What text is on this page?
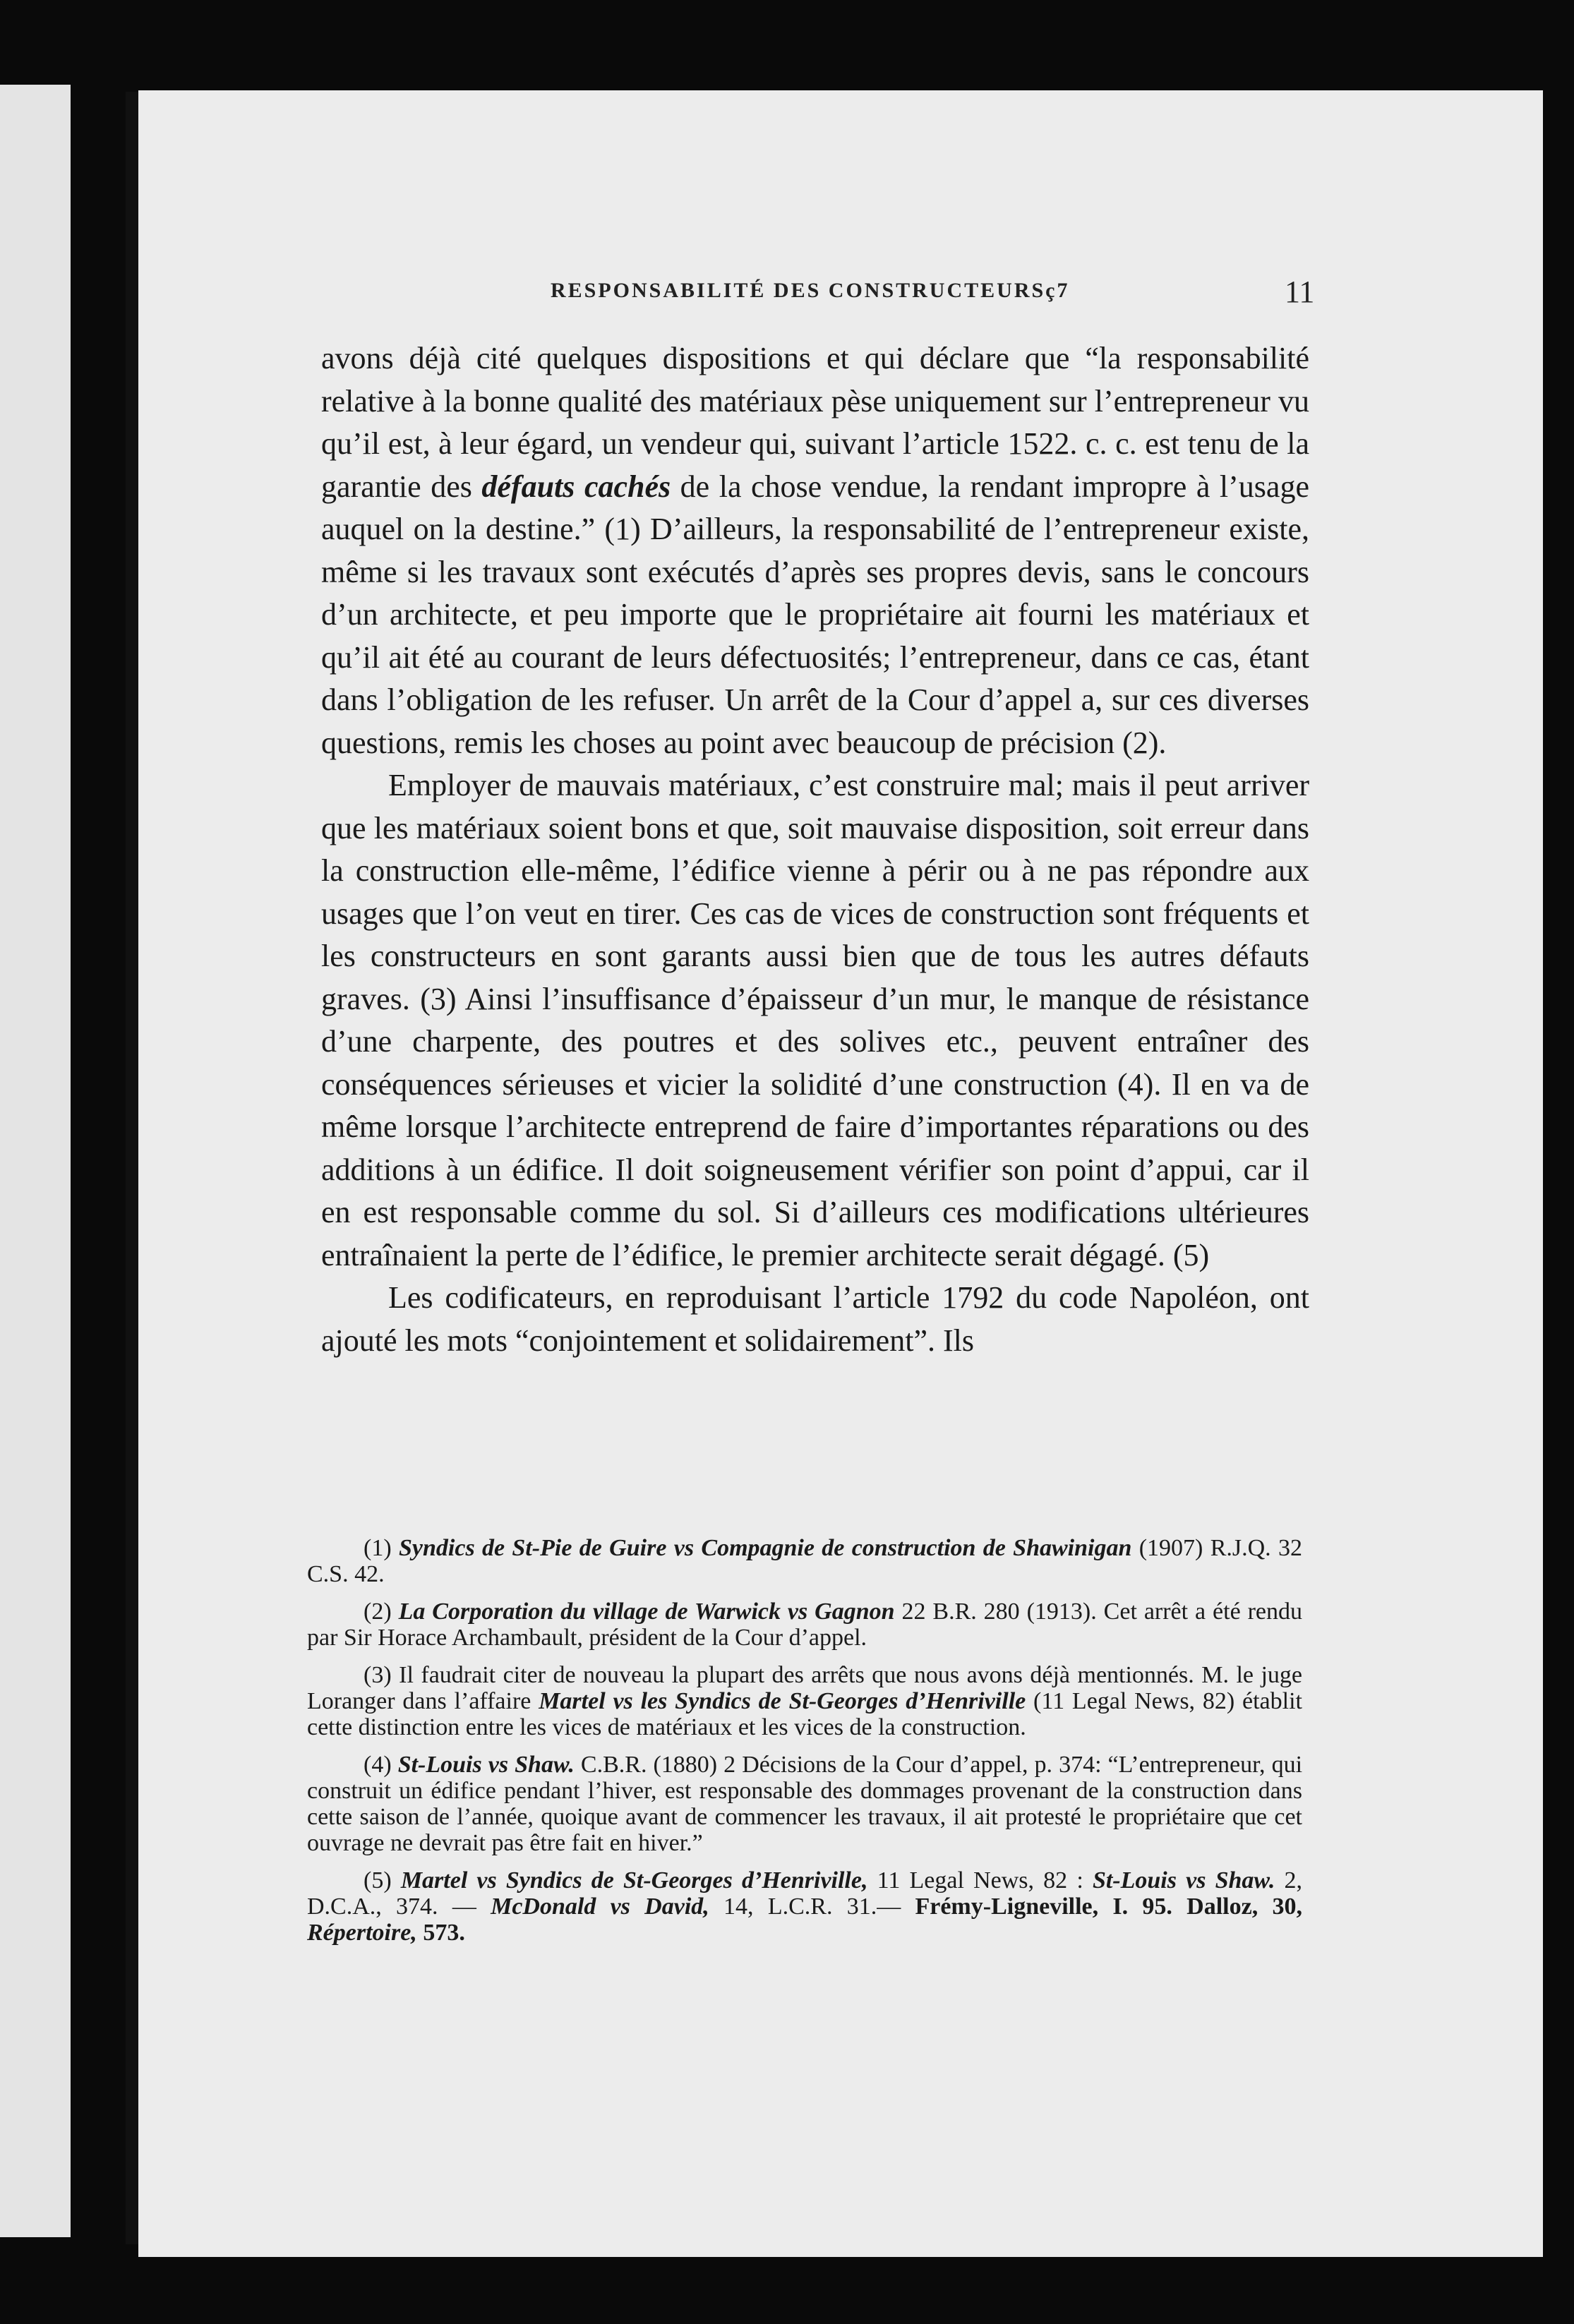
RESPONSABILITÉ DES CONSTRUCTEURSç7	11

avons déjà cité quelques dispositions et qui déclare que “la responsabilité relative à la bonne qualité des matériaux pèse uniquement sur l’entrepreneur vu qu’il est, à leur égard, un vendeur qui, suivant l’article 1522. c. c. est tenu de la garantie des défauts cachés de la chose vendue, la rendant impropre à l’usage auquel on la destine.” (1) D’ailleurs, la responsabilité de l’entrepreneur existe, même si les travaux sont exécutés d’après ses propres devis, sans le concours d’un architecte, et peu importe que le propriétaire ait fourni les matériaux et qu’il ait été au courant de leurs défectuosités; l’entrepreneur, dans ce cas, étant dans l’obligation de les refuser. Un arrêt de la Cour d’appel a, sur ces diverses questions, remis les choses au point avec beaucoup de précision (2).

Employer de mauvais matériaux, c’est construire mal; mais il peut arriver que les matériaux soient bons et que, soit mauvaise disposition, soit erreur dans la construction elle-même, l’édifice vienne à périr ou à ne pas répondre aux usages que l’on veut en tirer. Ces cas de vices de construction sont fréquents et les constructeurs en sont garants aussi bien que de tous les autres défauts graves. (3) Ainsi l’insuffisance d’épaisseur d’un mur, le manque de résistance d’une charpente, des poutres et des solives etc., peuvent entraîner des conséquences sérieuses et vicier la solidité d’une construction (4). Il en va de même lorsque l’architecte entreprend de faire d’importantes réparations ou des additions à un édifice. Il doit soigneusement vérifier son point d’appui, car il en est responsable comme du sol. Si d’ailleurs ces modifications ultérieures entraînaient la perte de l’édifice, le premier architecte serait dégagé. (5)

Les codificateurs, en reproduisant l’article 1792 du code Napoléon, ont ajouté les mots “conjointement et solidairement”. Ils

(1) Syndics de St-Pie de Guire vs Compagnie de construction de Shawinigan (1907) R.J.Q. 32 C.S. 42.

(2) La Corporation du village de Warwick vs Gagnon 22 B.R. 280 (1913). Cet arrêt a été rendu par Sir Horace Archambault, président de la Cour d’appel.

(3) Il faudrait citer de nouveau la plupart des arrêts que nous avons déjà mentionnés. M. le juge Loranger dans l’affaire Martel vs les Syndics de St-Georges d’Henriville (11 Legal News, 82) établit cette distinction entre les vices de matériaux et les vices de la construction.

(4) St-Louis vs Shaw. C.B.R. (1880) 2 Décisions de la Cour d’appel, p. 374: “L’entrepreneur, qui construit un édifice pendant l’hiver, est responsable des dommages provenant de la construction dans cette saison de l’année, quoique avant de commencer les travaux, il ait protesté le propriétaire que cet ouvrage ne devrait pas être fait en hiver.”

(5) Martel vs Syndics de St-Georges d’Henriville, 11 Legal News, 82 : St-Louis vs Shaw. 2, D.C.A., 374. — McDonald vs David, 14, L.C.R. 31.— Frémy-Ligneville, I. 95. Dalloz, 30, Répertoire, 573.
